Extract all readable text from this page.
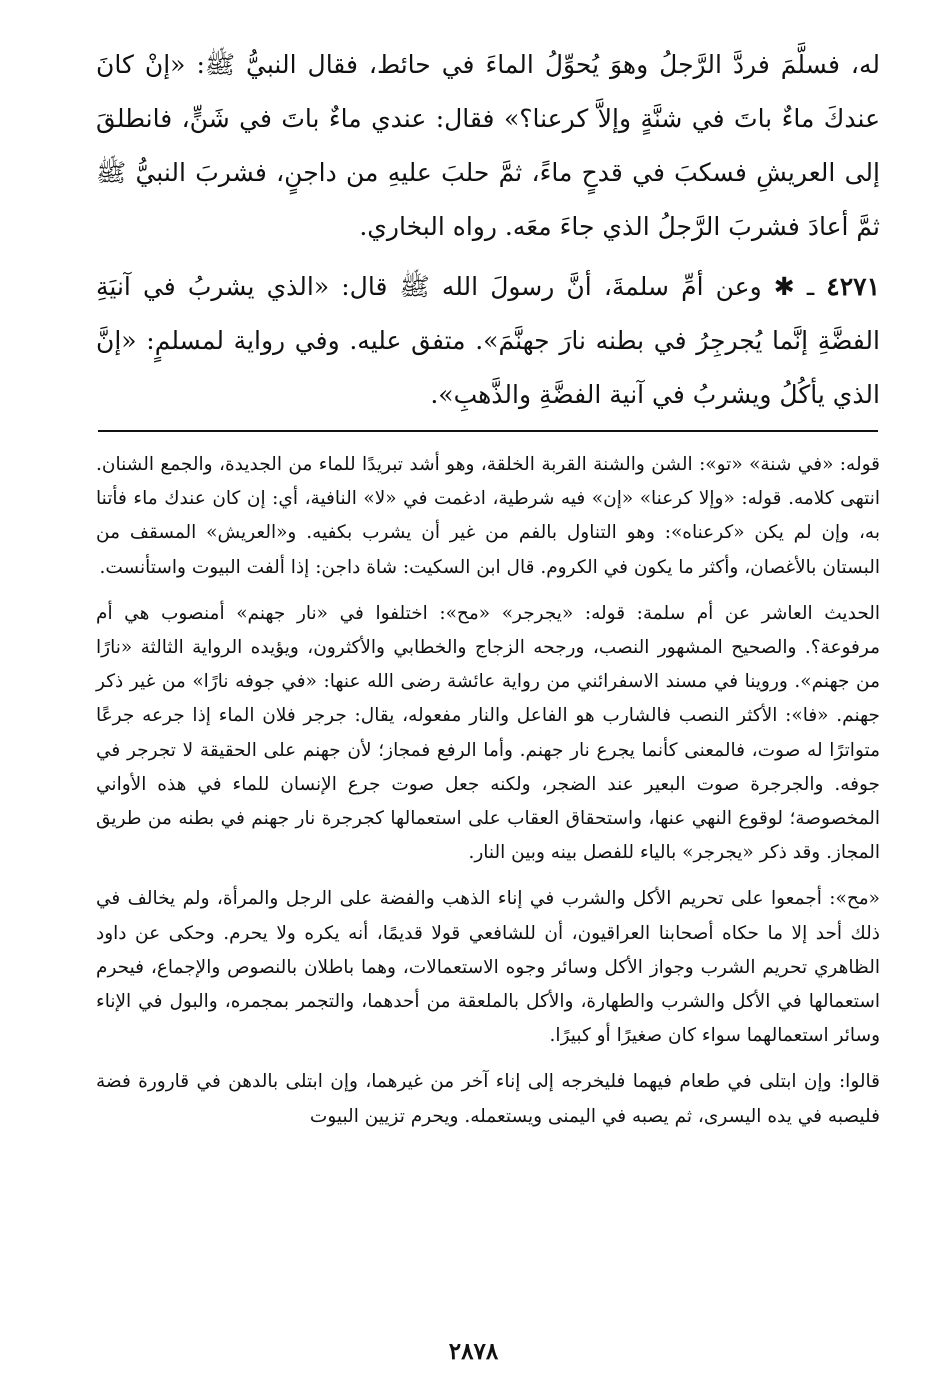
له، فسلَّمَ فردَّ الرَّجلُ وهوَ يُحوِّلُ الماءَ في حائط، فقال النبيُّ ﷺ: «إنْ كانَ عندكَ ماءٌ باتَ في شنَّةٍ وإلاَّ كرعنا؟» فقال: عندي ماءٌ باتَ في شَنٍّ، فانطلقَ إلى العريشِ فسكبَ في قدحٍ ماءً، ثمَّ حلبَ عليهِ من داجنٍ، فشربَ النبيُّ ﷺ ثمَّ أعادَ فشربَ الرَّجلُ الذي جاءَ معَه. رواه البخاري.

٤٢٧١ ـ ✱ وعن أمِّ سلمةَ، أنَّ رسولَ الله ﷺ قال: «الذي يشربُ في آنيَةِ الفضَّةِ إنَّما يُجرجِرُ في بطنه نارَ جهنَّمَ». متفق عليه. وفي رواية لمسلمٍ: «إنَّ الذي يأكُلُ ويشربُ في آنية الفضَّةِ والذَّهبِ».

قوله: «في شنة» «تو»: الشن والشنة القربة الخلقة، وهو أشد تبريدًا للماء من الجديدة، والجمع الشنان. انتهى كلامه. قوله: «وإلا كرعنا» «إن» فيه شرطية، ادغمت في «لا» النافية، أي: إن كان عندك ماء فأتنا به، وإن لم يكن «كرعناه»: وهو التناول بالفم من غير أن يشرب بكفيه. و«العريش» المسقف من البستان بالأغصان، وأكثر ما يكون في الكروم. قال ابن السكيت: شاة داجن: إذا ألفت البيوت واستأنست.

الحديث العاشر عن أم سلمة: قوله: «يجرجر» «مح»: اختلفوا في «نار جهنم» أمنصوب هي أم مرفوعة؟. والصحيح المشهور النصب، ورجحه الزجاج والخطابي والأكثرون، ويؤيده الرواية الثالثة «نارًا من جهنم». وروينا في مسند الاسفرائني من رواية عائشة رضى الله عنها: «في جوفه نارًا» من غير ذكر جهنم. «فا»: الأكثر النصب فالشارب هو الفاعل والنار مفعوله، يقال: جرجر فلان الماء إذا جرعه جرعًا متواترًا له صوت، فالمعنى كأنما يجرع نار جهنم. وأما الرفع فمجاز؛ لأن جهنم على الحقيقة لا تجرجر في جوفه. والجرجرة صوت البعير عند الضجر، ولكنه جعل صوت جرع الإنسان للماء في هذه الأواني المخصوصة؛ لوقوع النهي عنها، واستحقاق العقاب على استعمالها كجرجرة نار جهنم في بطنه من طريق المجاز. وقد ذكر «يجرجر» بالياء للفصل بينه وبين النار.

«مح»: أجمعوا على تحريم الأكل والشرب في إناء الذهب والفضة على الرجل والمرأة، ولم يخالف في ذلك أحد إلا ما حكاه أصحابنا العراقيون، أن للشافعي قولا قديمًا، أنه يكره ولا يحرم. وحكى عن داود الظاهري تحريم الشرب وجواز الأكل وسائر وجوه الاستعمالات، وهما باطلان بالنصوص والإجماع، فيحرم استعمالها في الأكل والشرب والطهارة، والأكل بالملعقة من أحدهما، والتجمر بمجمره، والبول في الإناء وسائر استعمالهما سواء كان صغيرًا أو كبيرًا.

قالوا: وإن ابتلى في طعام فيهما فليخرجه إلى إناء آخر من غيرهما، وإن ابتلى بالدهن في قارورة فضة فليصبه في يده اليسرى، ثم يصبه في اليمنى ويستعمله. ويحرم تزيين البيوت

٢٨٧٨
